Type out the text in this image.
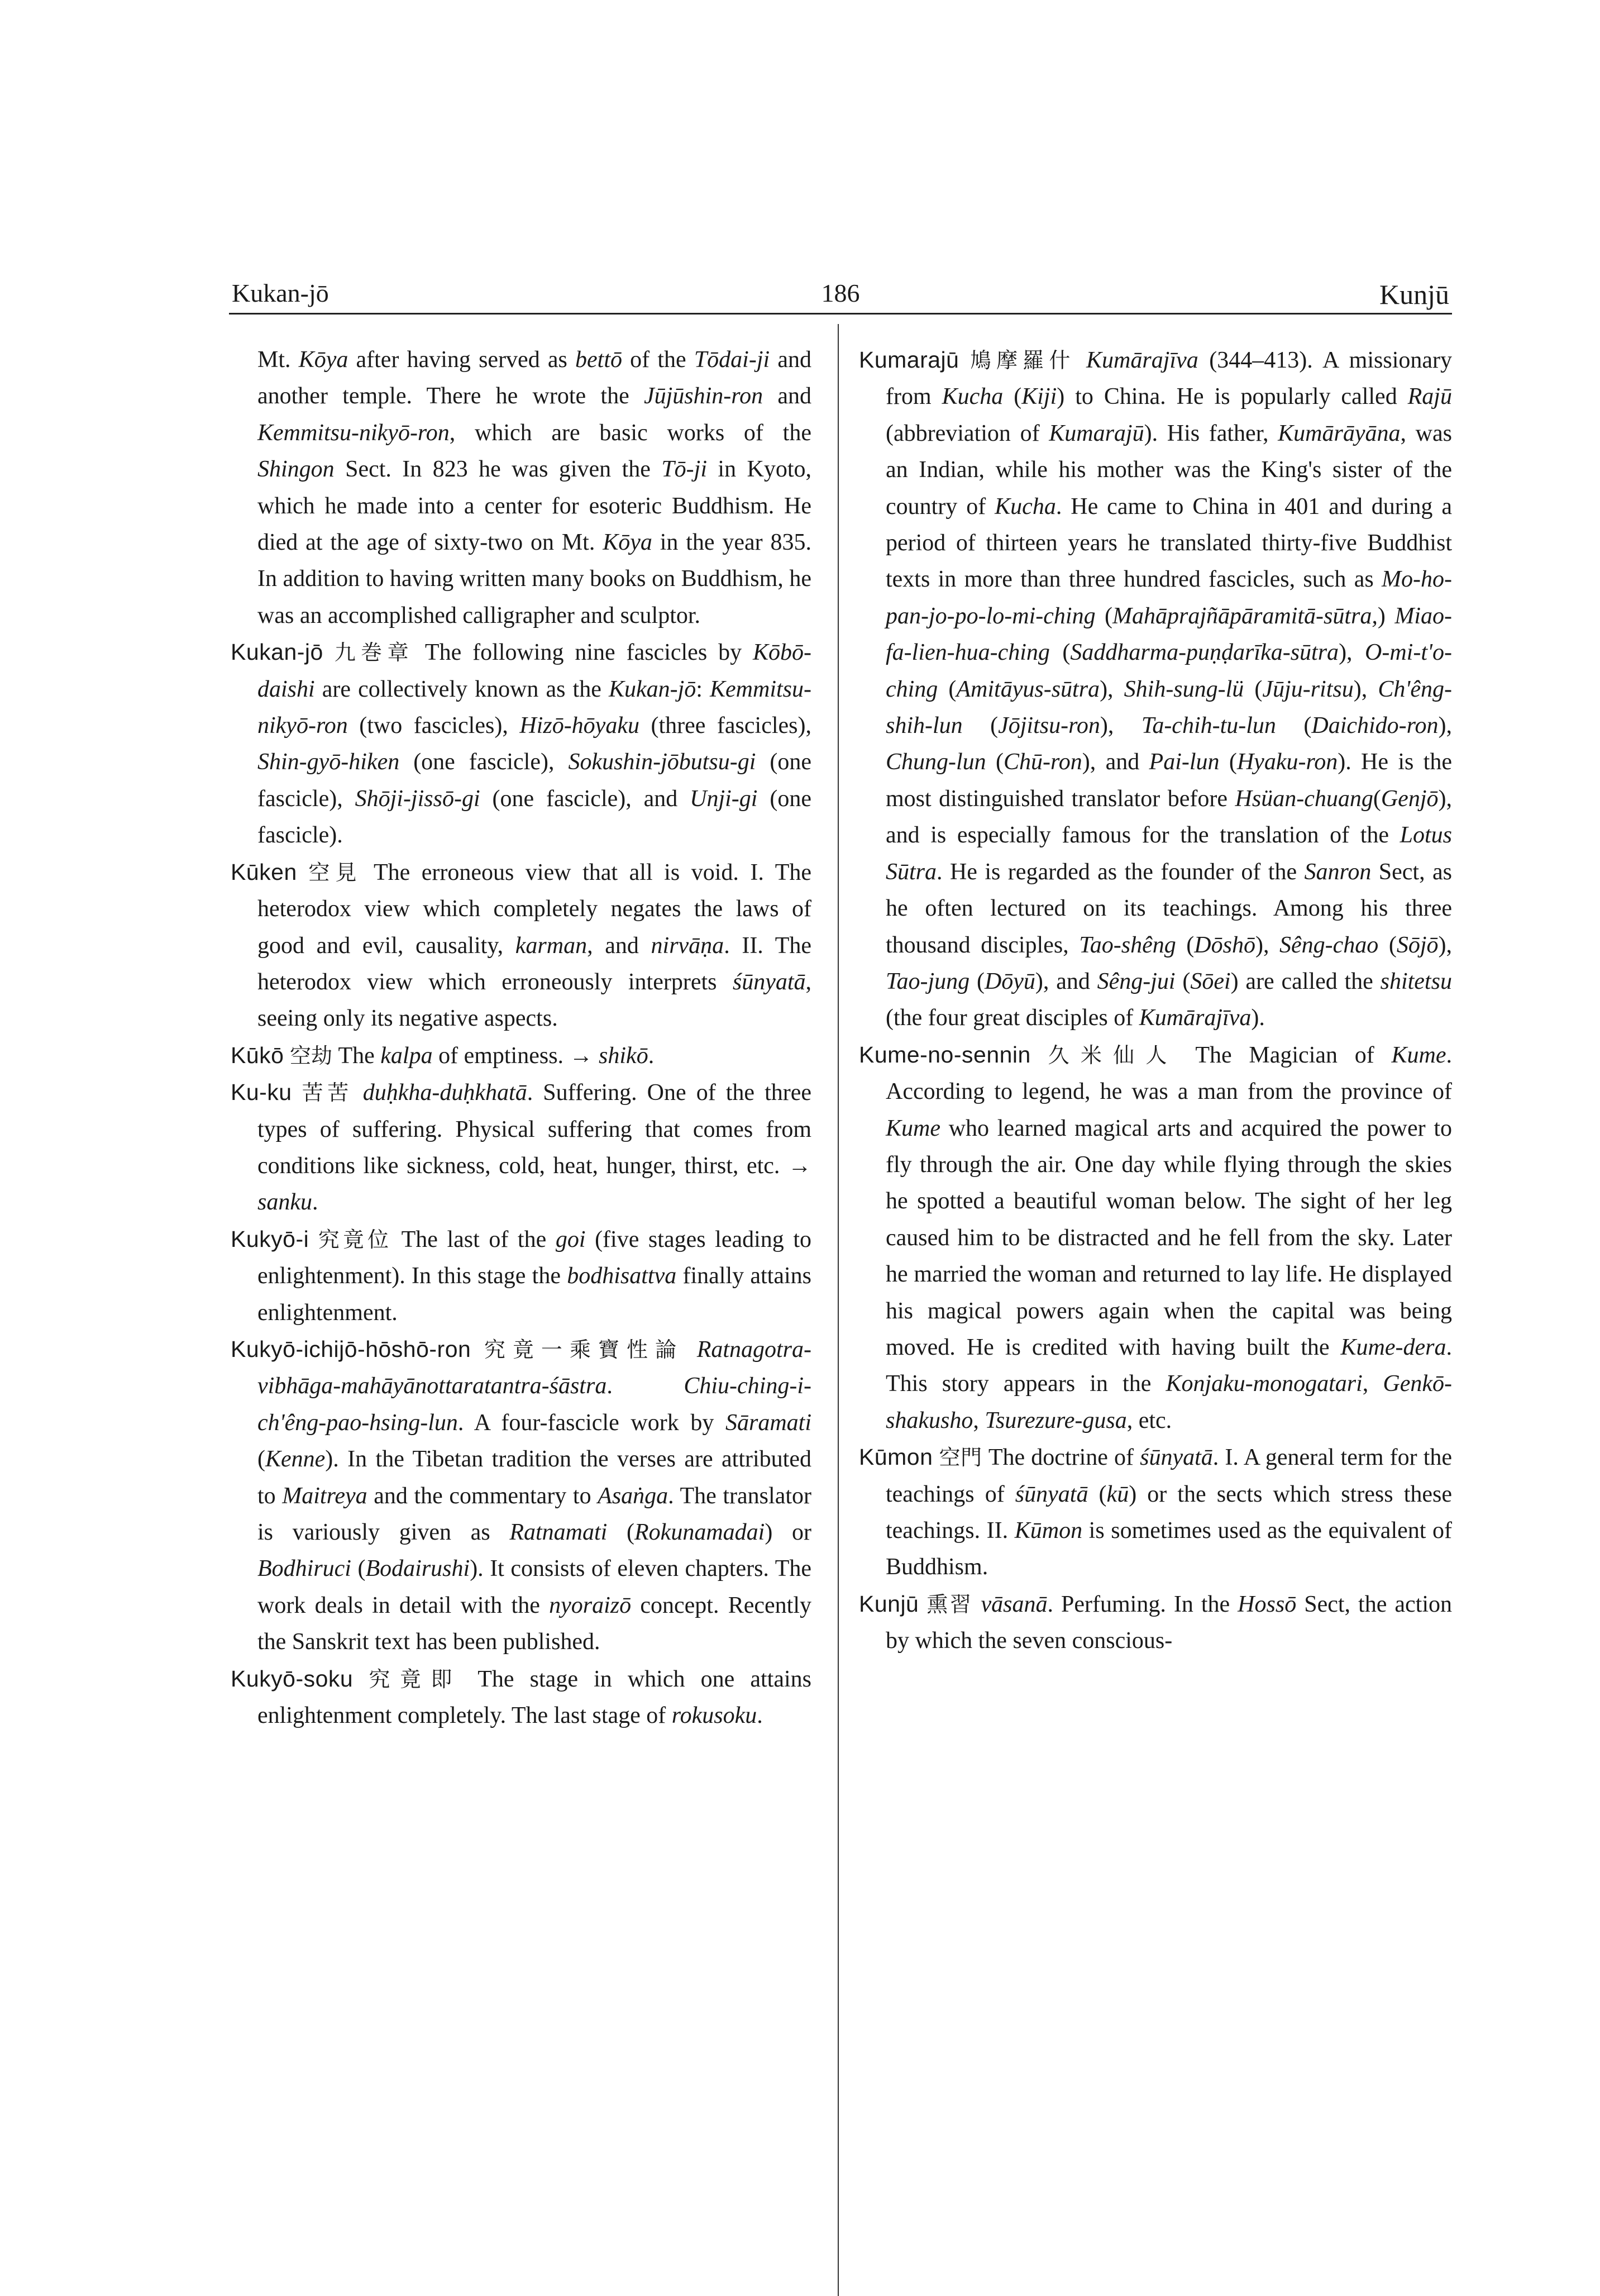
Kukan-jō	186	Kunjū

Mt. Kōya after having served as bettō of the Tōdai-ji and another temple. There he wrote the Jūjūshin-ron and Kemmitsu-nikyō-ron, which are basic works of the Shingon Sect. In 823 he was given the Tō-ji in Kyoto, which he made into a center for esoteric Buddhism. He died at the age of sixty-two on Mt. Kōya in the year 835. In addition to having written many books on Buddhism, he was an accomplished calligrapher and sculptor.

Kukan-jō 九巻章 The following nine fascicles by Kōbō-daishi are collectively known as the Kukan-jō: Kemmitsu-nikyō-ron (two fascicles), Hizō-hōyaku (three fascicles), Shin-gyō-hiken (one fascicle), Sokushin-jōbutsu-gi (one fascicle), Shōji-jissō-gi (one fascicle), and Unji-gi (one fascicle).

Kūken 空見 The erroneous view that all is void. I. The heterodox view which completely negates the laws of good and evil, causality, karman, and nirvāṇa. II. The heterodox view which erroneously interprets śūnyatā, seeing only its negative aspects.

Kūkō 空劫 The kalpa of emptiness. → shikō.

Ku-ku 苦苦 duḥkha-duḥkhatā. Suffering. One of the three types of suffering. Physical suffering that comes from conditions like sickness, cold, heat, hunger, thirst, etc. → sanku.

Kukyō-i 究竟位 The last of the goi (five stages leading to enlightenment). In this stage the bodhisattva finally attains enlightenment.

Kukyō-ichijō-hōshō-ron 究竟一乘寶性論 Ratnagotra-vibhāga-mahāyānottaratantra-śāstra. Chiu-ching-i-ch'êng-pao-hsing-lun. A four-fascicle work by Sāramati (Kenne). In the Tibetan tradition the verses are attributed to Maitreya and the commentary to Asaṅga. The translator is variously given as Ratnamati (Rokunamadai) or Bodhiruci (Bodairushi). It consists of eleven chapters. The work deals in detail with the nyoraizō concept. Recently the Sanskrit text has been published.

Kukyō-soku 究竟即 The stage in which one attains enlightenment completely. The last stage of rokusoku.

Kumarajū 鳩摩羅什 Kumārajīva (344–413). A missionary from Kucha (Kiji) to China. He is popularly called Rajū (abbreviation of Kumarajū). His father, Kumārāyāna, was an Indian, while his mother was the King's sister of the country of Kucha. He came to China in 401 and during a period of thirteen years he translated thirty-five Buddhist texts in more than three hundred fascicles, such as Mo-ho-pan-jo-po-lo-mi-ching (Mahāprajñāpāramitā-sūtra,) Miao-fa-lien-hua-ching (Saddharma-puṇḍarīka-sūtra), O-mi-t'o-ching (Amitāyus-sūtra), Shih-sung-lü (Jūju-ritsu), Ch'êng-shih-lun (Jōjitsu-ron), Ta-chih-tu-lun (Daichido-ron), Chung-lun (Chū-ron), and Pai-lun (Hyaku-ron). He is the most distinguished translator before Hsüan-chuang(Genjō), and is especially famous for the translation of the Lotus Sūtra. He is regarded as the founder of the Sanron Sect, as he often lectured on its teachings. Among his three thousand disciples, Tao-shêng (Dōshō), Sêng-chao (Sōjō), Tao-jung (Dōyū), and Sêng-jui (Sōei) are called the shitetsu (the four great disciples of Kumārajīva).

Kume-no-sennin 久米仙人 The Magician of Kume. According to legend, he was a man from the province of Kume who learned magical arts and acquired the power to fly through the air. One day while flying through the skies he spotted a beautiful woman below. The sight of her leg caused him to be distracted and he fell from the sky. Later he married the woman and returned to lay life. He displayed his magical powers again when the capital was being moved. He is credited with having built the Kume-dera. This story appears in the Konjaku-monogatari, Genkō-shakusho, Tsurezure-gusa, etc.

Kūmon 空門 The doctrine of śūnyatā. I. A general term for the teachings of śūnyatā (kū) or the sects which stress these teachings. II. Kūmon is sometimes used as the equivalent of Buddhism.

Kunjū 熏習 vāsanā. Perfuming. In the Hossō Sect, the action by which the seven conscious-
